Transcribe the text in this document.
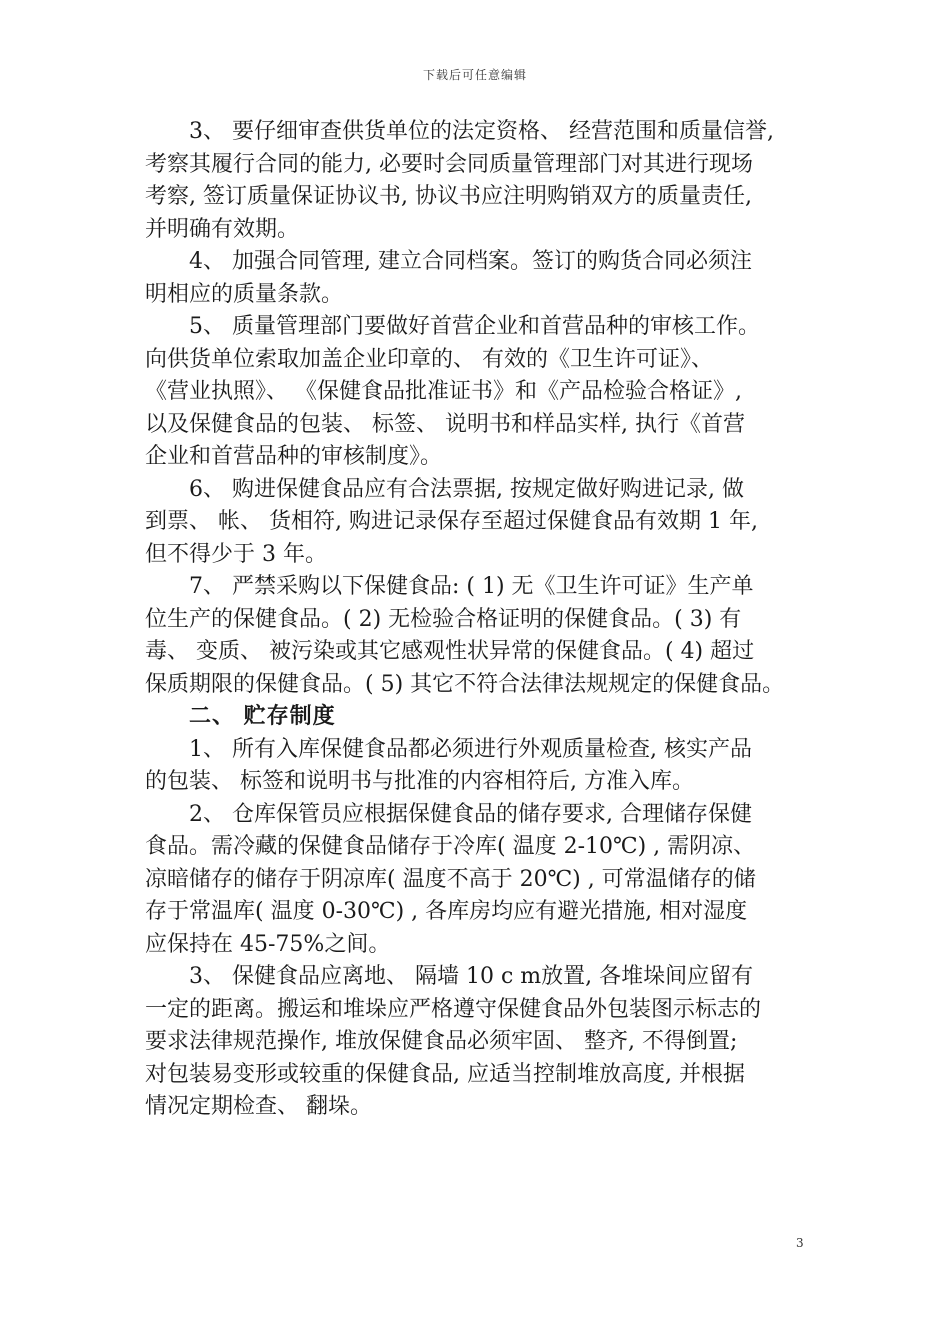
下载后可任意编辑
3、 要仔细审查供货单位的法定资格、 经营范围和质量信誉,
考察其履行合同的能力, 必要时会同质量管理部门对其进行现场
考察, 签订质量保证协议书, 协议书应注明购销双方的质量责任,
并明确有效期。
4、 加强合同管理, 建立合同档案。签订的购货合同必须注
明相应的质量条款。
5、 质量管理部门要做好首营企业和首营品种的审核工作。
向供货单位索取加盖企业印章的、 有效的《卫生许可证》、
《营业执照》、 《保健食品批准证书》和《产品检验合格证》,
以及保健食品的包装、 标签、 说明书和样品实样, 执行《首营
企业和首营品种的审核制度》。
6、 购进保健食品应有合法票据, 按规定做好购进记录, 做
到票、 帐、 货相符, 购进记录保存至超过保健食品有效期 1 年,
但不得少于 3 年。
7、 严禁采购以下保健食品: ( 1) 无《卫生许可证》生产单
位生产的保健食品。( 2) 无检验合格证明的保健食品。( 3) 有
毒、 变质、 被污染或其它感观性状异常的保健食品。( 4) 超过
保质期限的保健食品。( 5) 其它不符合法律法规规定的保健食品。
二、 贮存制度
1、 所有入库保健食品都必须进行外观质量检查, 核实产品
的包装、 标签和说明书与批准的内容相符后, 方准入库。
2、 仓库保管员应根据保健食品的储存要求, 合理储存保健
食品。需冷藏的保健食品储存于冷库( 温度 2-10℃) , 需阴凉、
凉暗储存的储存于阴凉库( 温度不高于 20℃) , 可常温储存的储
存于常温库( 温度 0-30℃) , 各库房均应有避光措施, 相对湿度
应保持在 45-75%之间。
3、 保健食品应离地、 隔墙 10 c m放置, 各堆垛间应留有
一定的距离。搬运和堆垛应严格遵守保健食品外包装图示标志的
要求法律规范操作, 堆放保健食品必须牢固、 整齐, 不得倒置;
对包装易变形或较重的保健食品, 应适当控制堆放高度, 并根据
情况定期检查、 翻垛。
3
